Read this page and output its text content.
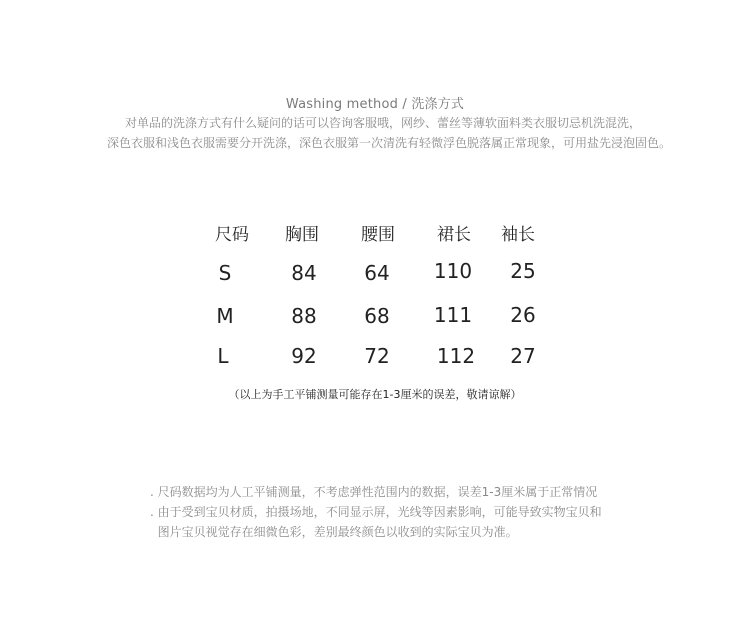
Washing method / 洗涤方式
对单品的洗涤方式有什么疑问的话可以咨询客服哦，网纱、蕾丝等薄软面料类衣服切忌机洗混洗，
深色衣服和浅色衣服需要分开洗涤，深色衣服第一次清洗有轻微浮色脱落属正常现象，可用盐先浸泡固色。
尺码	胸围	腰围	裙长	袖长
S	84	64	110	25
M	88	68	111	26
L	92	72	112	27
（以上为手工平铺测量可能存在1-3厘米的误差，敬请谅解）
. 尺码数据均为人工平铺测量，不考虑弹性范围内的数据，误差1-3厘米属于正常情况
. 由于受到宝贝材质，拍摄场地，不同显示屏，光线等因素影响，可能导致实物宝贝和
图片宝贝视觉存在细微色彩，差别最终颜色以收到的实际宝贝为准。
